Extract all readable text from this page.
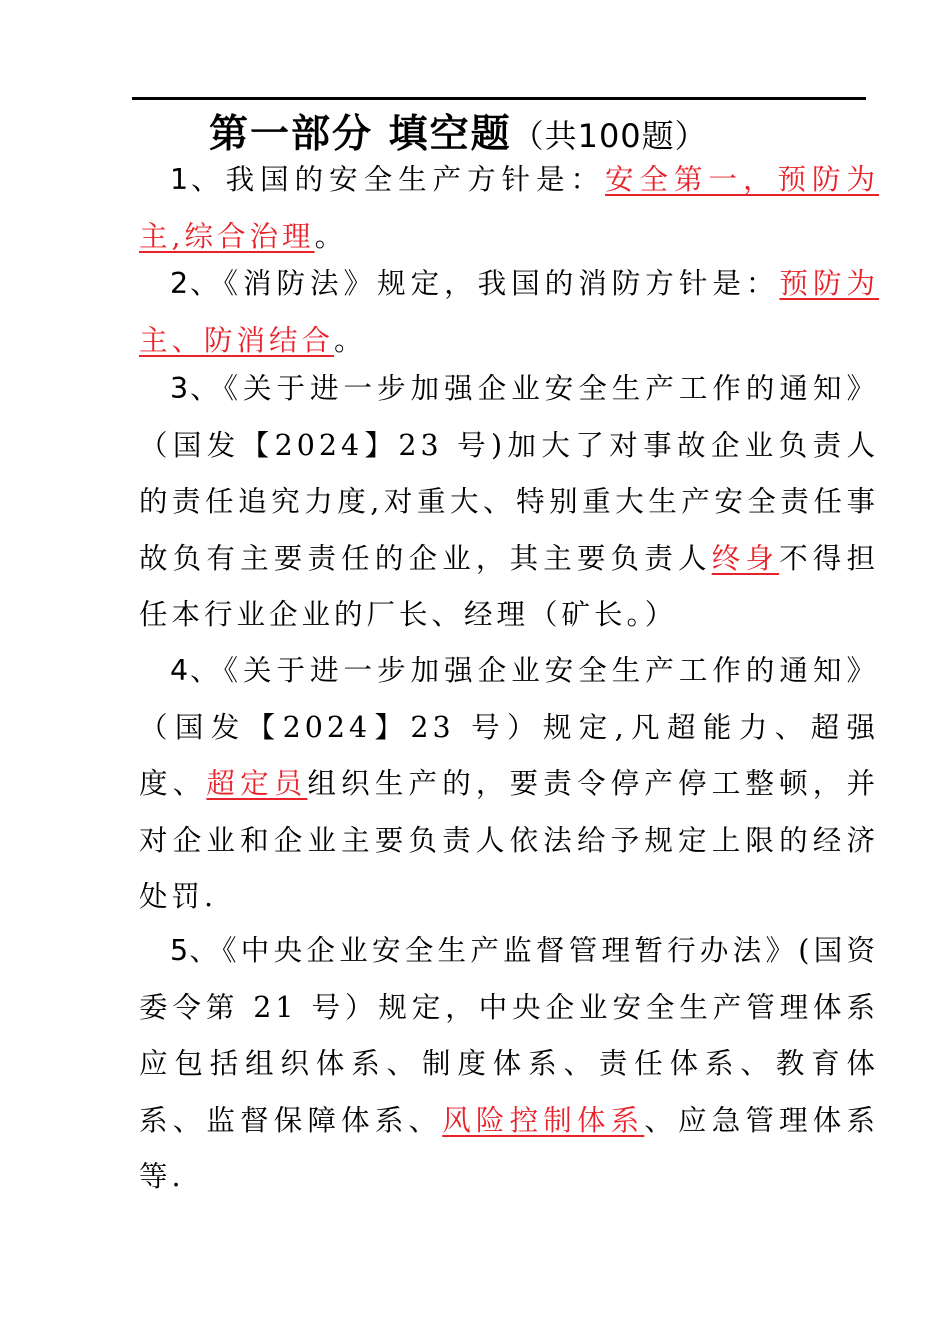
第一部分 填空题（共100题）

1、我国的安全生产方针是：安全第一，预防为主,综合治理。

2、《消防法》规定，我国的消防方针是：预防为主、防消结合。

3、《关于进一步加强企业安全生产工作的通知》（国发【2024】23 号)加大了对事故企业负责人的责任追究力度,对重大、特别重大生产安全责任事故负有主要责任的企业，其主要负责人终身不得担任本行业企业的厂长、经理（矿长。）

4、《关于进一步加强企业安全生产工作的通知》（国发【2024】23 号）规定,凡超能力、超强度、超定员组织生产的，要责令停产停工整顿，并对企业和企业主要负责人依法给予规定上限的经济处罚.

5、《中央企业安全生产监督管理暂行办法》(国资委令第 21 号）规定，中央企业安全生产管理体系应包括组织体系、制度体系、责任体系、教育体系、监督保障体系、风险控制体系、应急管理体系等.
